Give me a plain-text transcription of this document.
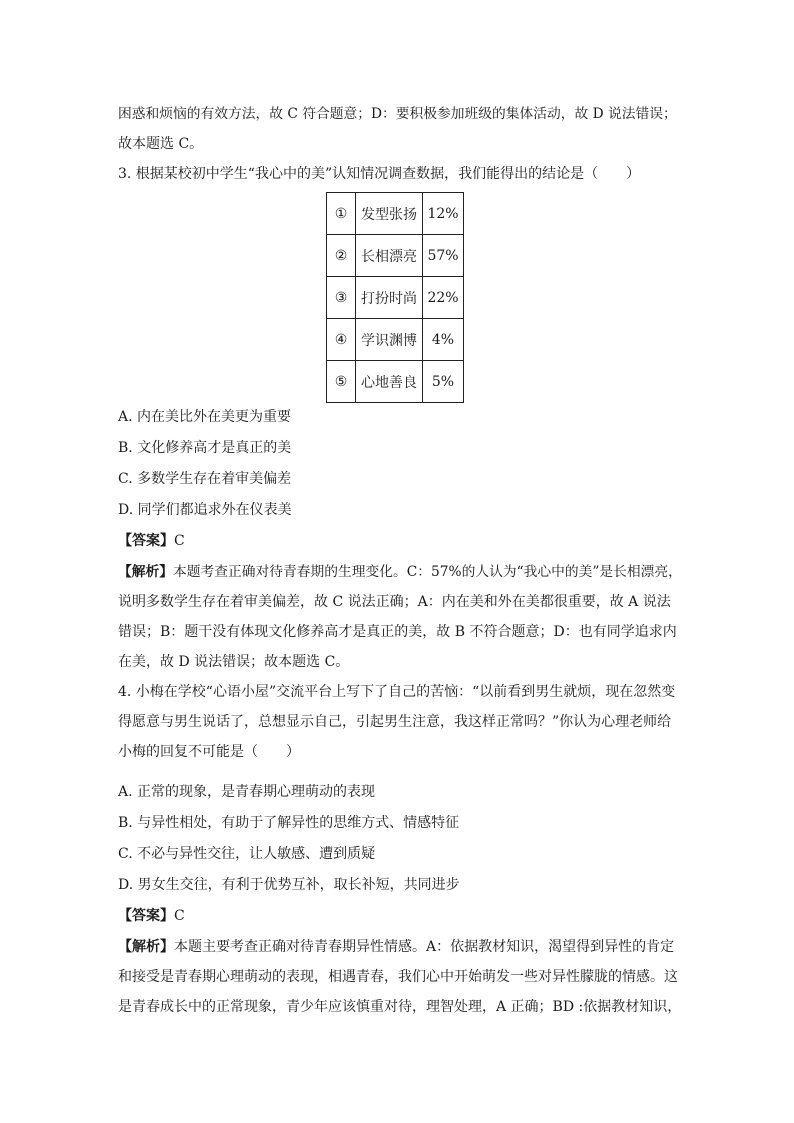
困惑和烦恼的有效方法，故 C 符合题意；D：要积极参加班级的集体活动，故 D 说法错误；
故本题选 C。
3. 根据某校初中学生“我心中的美”认知情况调查数据，我们能得出的结论是（　　）
①	发型张扬	12%
②	长相漂亮	57%
③	打扮时尚	22%
④	学识渊博	4%
⑤	心地善良	5%
A. 内在美比外在美更为重要
B. 文化修养高才是真正的美
C. 多数学生存在着审美偏差
D. 同学们都追求外在仪表美
【答案】C
【解析】本题考查正确对待青春期的生理变化。C：57%的人认为“我心中的美”是长相漂亮，
说明多数学生存在着审美偏差，故 C 说法正确；A：内在美和外在美都很重要，故 A 说法
错误；B：题干没有体现文化修养高才是真正的美，故 B 不符合题意；D：也有同学追求内
在美，故 D 说法错误；故本题选 C。
4. 小梅在学校“心语小屋”交流平台上写下了自己的苦恼：“以前看到男生就烦，现在忽然变
得愿意与男生说话了，总想显示自己，引起男生注意，我这样正常吗？”你认为心理老师给
小梅的回复不可能是（　　）
A. 正常的现象，是青春期心理萌动的表现
B. 与异性相处，有助于了解异性的思维方式、情感特征
C. 不必与异性交往，让人敏感、遭到质疑
D. 男女生交往，有利于优势互补，取长补短，共同进步
【答案】C
【解析】本题主要考查正确对待青春期异性情感。A：依据教材知识，渴望得到异性的肯定
和接受是青春期心理萌动的表现，相遇青春，我们心中开始萌发一些对异性朦胧的情感。这
是青春成长中的正常现象，青少年应该慎重对待，理智处理，A 正确；BD :依据教材知识，
